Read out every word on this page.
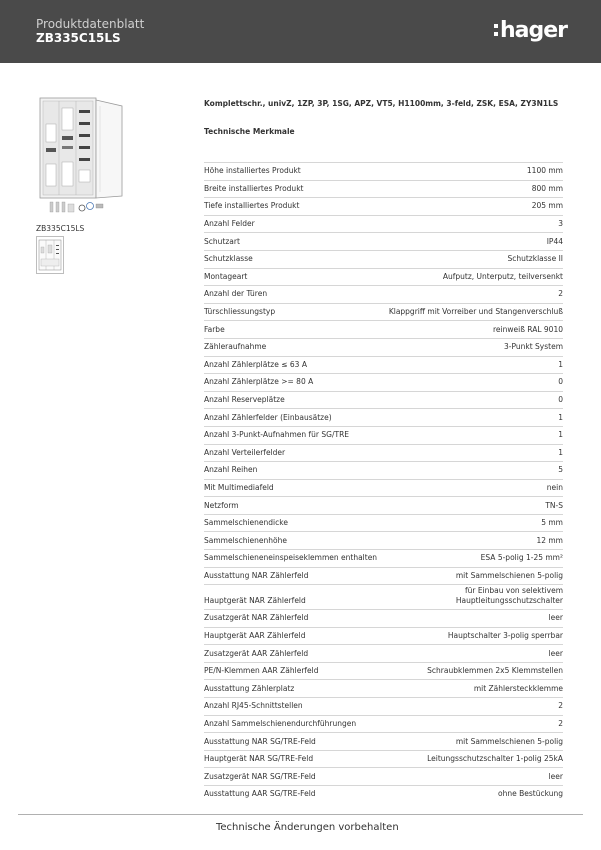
Produktdatenblatt
ZB335C15LS	hager
ZB335C15LS
Komplettschr., univZ, 1ZP, 3P, 1SG, APZ, VT5, H1100mm, 3-feld, ZSK, ESA, ZY3N1LS
Technische Merkmale
Höhe installiertes Produkt	1100 mm
Breite installiertes Produkt	800 mm
Tiefe installiertes Produkt	205 mm
Anzahl Felder	3
Schutzart	IP44
Schutzklasse	Schutzklasse II
Montageart	Aufputz, Unterputz, teilversenkt
Anzahl der Türen	2
Türschliessungstyp	Klappgriff mit Vorreiber und Stangenverschluß
Farbe	reinweiß RAL 9010
Zähleraufnahme	3-Punkt System
Anzahl Zählerplätze ≤ 63 A	1
Anzahl Zählerplätze >= 80 A	0
Anzahl Reserveplätze	0
Anzahl Zählerfelder (Einbausätze)	1
Anzahl 3-Punkt-Aufnahmen für SG/TRE	1
Anzahl Verteilerfelder	1
Anzahl Reihen	5
Mit Multimediafeld	nein
Netzform	TN-S
Sammelschienendicke	5 mm
Sammelschienenhöhe	12 mm
Sammelschieneneinspeiseklemmen enthalten	ESA 5-polig 1-25 mm²
Ausstattung NAR Zählerfeld	mit Sammelschienen 5-polig
Hauptgerät NAR Zählerfeld	für Einbau von selektivem Hauptleitungsschutzschalter
Zusatzgerät NAR Zählerfeld	leer
Hauptgerät AAR Zählerfeld	Hauptschalter 3-polig sperrbar
Zusatzgerät AAR Zählerfeld	leer
PE/N-Klemmen AAR Zählerfeld	Schraubklemmen 2x5 Klemmstellen
Ausstattung Zählerplatz	mit Zählersteckklemme
Anzahl RJ45-Schnittstellen	2
Anzahl Sammelschienendurchführungen	2
Ausstattung NAR SG/TRE-Feld	mit Sammelschienen 5-polig
Hauptgerät NAR SG/TRE-Feld	Leitungsschutzschalter 1-polig 25kA
Zusatzgerät NAR SG/TRE-Feld	leer
Ausstattung AAR SG/TRE-Feld	ohne Bestückung
Technische Änderungen vorbehalten
